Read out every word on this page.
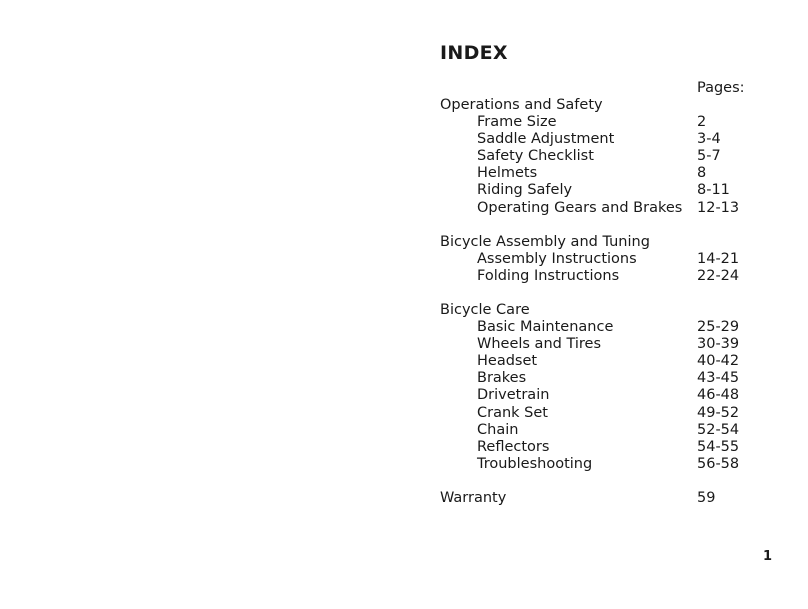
INDEX
Pages:
Operations and Safety
Frame Size	2
Saddle Adjustment	3-4
Safety Checklist	5-7
Helmets	8
Riding Safely	8-11
Operating Gears and Brakes 12-13
Bicycle Assembly and Tuning
Assembly Instructions	14-21
Folding Instructions	22-24
Bicycle Care
Basic Maintenance	25-29
Wheels and Tires	30-39
Headset	40-42
Brakes	43-45
Drivetrain	46-48
Crank Set	49-52
Chain	52-54
Reflectors	54-55
Troubleshooting	56-58
Warranty	59
1
